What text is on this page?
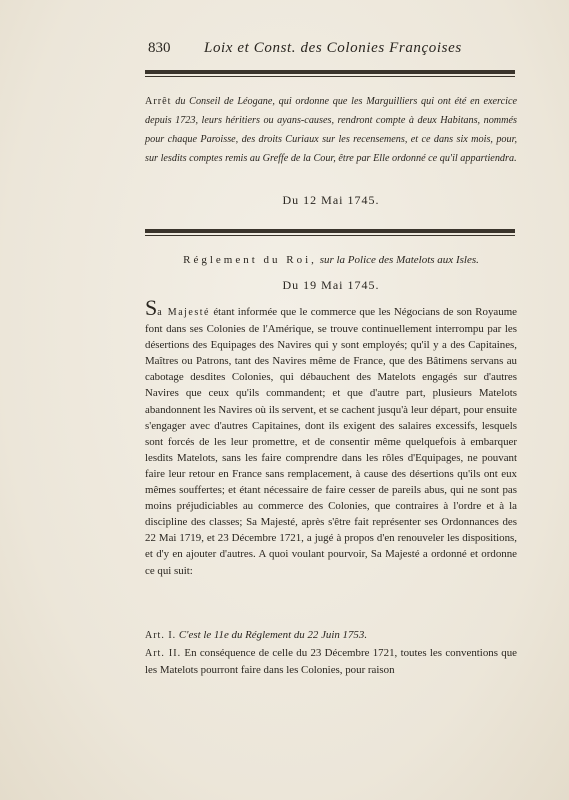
830 Loix et Const. des Colonies Françoises
Arrêt du Conseil de Léogane, qui ordonne que les Marguilliers qui ont été en exercice depuis 1723, leurs héritiers ou ayans-causes, rendront compte à deux Habitans, nommés pour chaque Paroisse, des droits Curiaux sur les recensemens, et ce dans six mois, pour, sur lesdits comptes remis au Greffe de la Cour, être par Elle ordonné ce qu'il appartiendra.
Du 12 Mai 1745.
Réglement du Roi, sur la Police des Matelots aux Isles.
Du 19 Mai 1745.

Sa Majesté étant informée que le commerce que les Négocians de son Royaume font dans ses Colonies de l'Amérique, se trouve continuellement interrompu par les désertions des Equipages des Navires qui y sont employés; qu'il y a des Capitaines, Maîtres ou Patrons, tant des Navires même de France, que des Bâtimens servans au cabotage desdites Colonies, qui débauchent des Matelots engagés sur d'autres Navires que ceux qu'ils commandent; et que d'autre part, plusieurs Matelots abandonnent les Navires où ils servent, et se cachent jusqu'à leur départ, pour ensuite s'engager avec d'autres Capitaines, dont ils exigent des salaires excessifs, lesquels sont forcés de les leur promettre, et de consentir même quelquefois à embarquer lesdits Matelots, sans les faire comprendre dans les rôles d'Equipages, ne pouvant faire leur retour en France sans remplacement, à cause des désertions qu'ils ont eux mêmes souffertes; et étant nécessaire de faire cesser de pareils abus, qui ne sont pas moins préjudiciables au commerce des Colonies, que contraires à l'ordre et à la discipline des classes; Sa Majesté, après s'être fait représenter ses Ordonnances des 22 Mai 1719, et 23 Décembre 1721, a jugé à propos d'en renouveler les dispositions, et d'y en ajouter d'autres. A quoi voulant pourvoir, Sa Majesté a ordonné et ordonne ce qui suit:

Art. I. C'est le 11e du Réglement du 22 Juin 1753.

Art. II. En conséquence de celle du 23 Décembre 1721, toutes les conventions que les Matelots pourront faire dans les Colonies, pour raison
